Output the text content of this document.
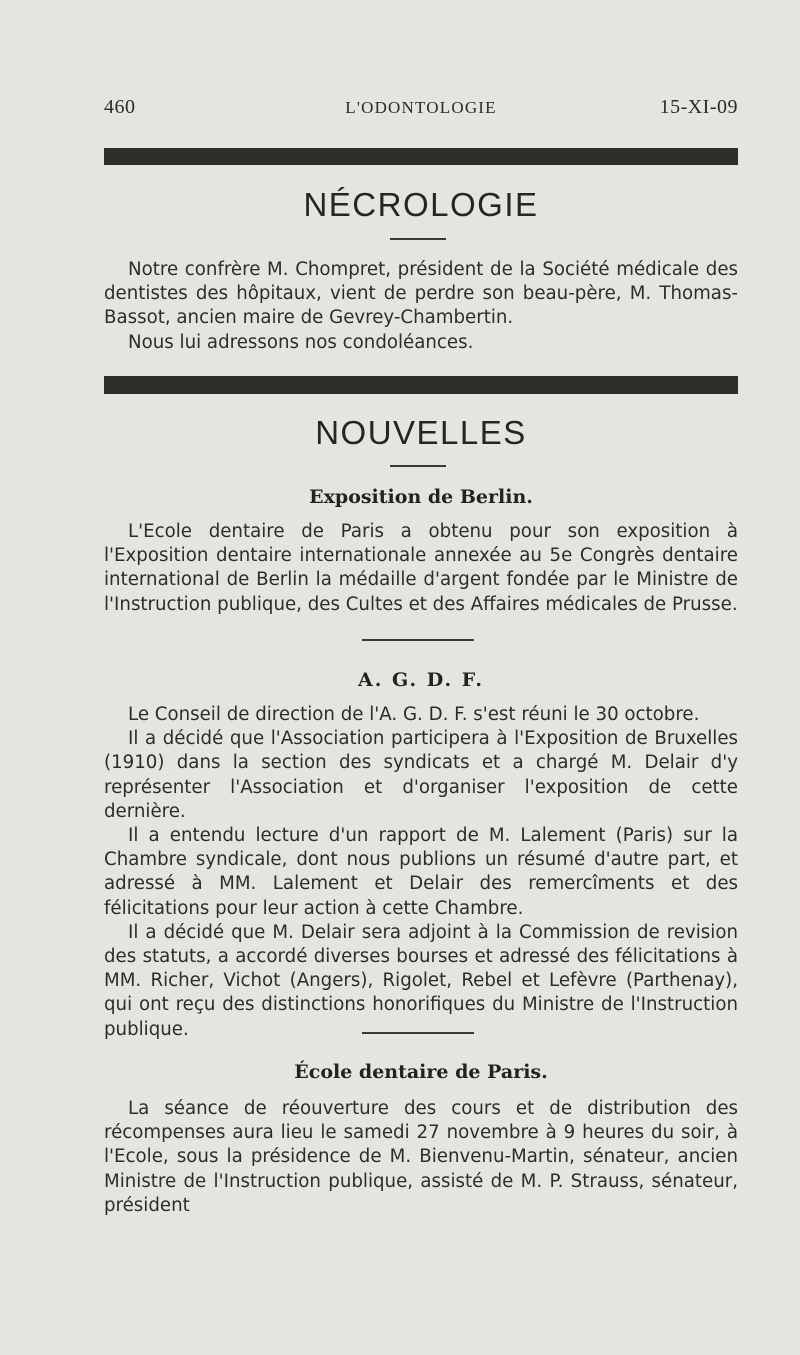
460	L'ODONTOLOGIE	15-XI-09
NÉCROLOGIE

Notre confrère M. Chompret, président de la Société médicale des dentistes des hôpitaux, vient de perdre son beau-père, M. Thomas-Bassot, ancien maire de Gevrey-Chambertin.

Nous lui adressons nos condoléances.

NOUVELLES
Exposition de Berlin.

L'Ecole dentaire de Paris a obtenu pour son exposition à l'Exposition dentaire internationale annexée au 5e Congrès dentaire international de Berlin la médaille d'argent fondée par le Ministre de l'Instruction publique, des Cultes et des Affaires médicales de Prusse.

A. G. D. F.

Le Conseil de direction de l'A. G. D. F. s'est réuni le 30 octobre.

Il a décidé que l'Association participera à l'Exposition de Bruxelles (1910) dans la section des syndicats et a chargé M. Delair d'y représenter l'Association et d'organiser l'exposition de cette dernière.

Il a entendu lecture d'un rapport de M. Lalement (Paris) sur la Chambre syndicale, dont nous publions un résumé d'autre part, et adressé à MM. Lalement et Delair des remercîments et des félicitations pour leur action à cette Chambre.

Il a décidé que M. Delair sera adjoint à la Commission de revision des statuts, a accordé diverses bourses et adressé des félicitations à MM. Richer, Vichot (Angers), Rigolet, Rebel et Lefèvre (Parthenay), qui ont reçu des distinctions honorifiques du Ministre de l'Instruction publique.

École dentaire de Paris.

La séance de réouverture des cours et de distribution des récompenses aura lieu le samedi 27 novembre à 9 heures du soir, à l'Ecole, sous la présidence de M. Bienvenu-Martin, sénateur, ancien Ministre de l'Instruction publique, assisté de M. P. Strauss, sénateur, président
